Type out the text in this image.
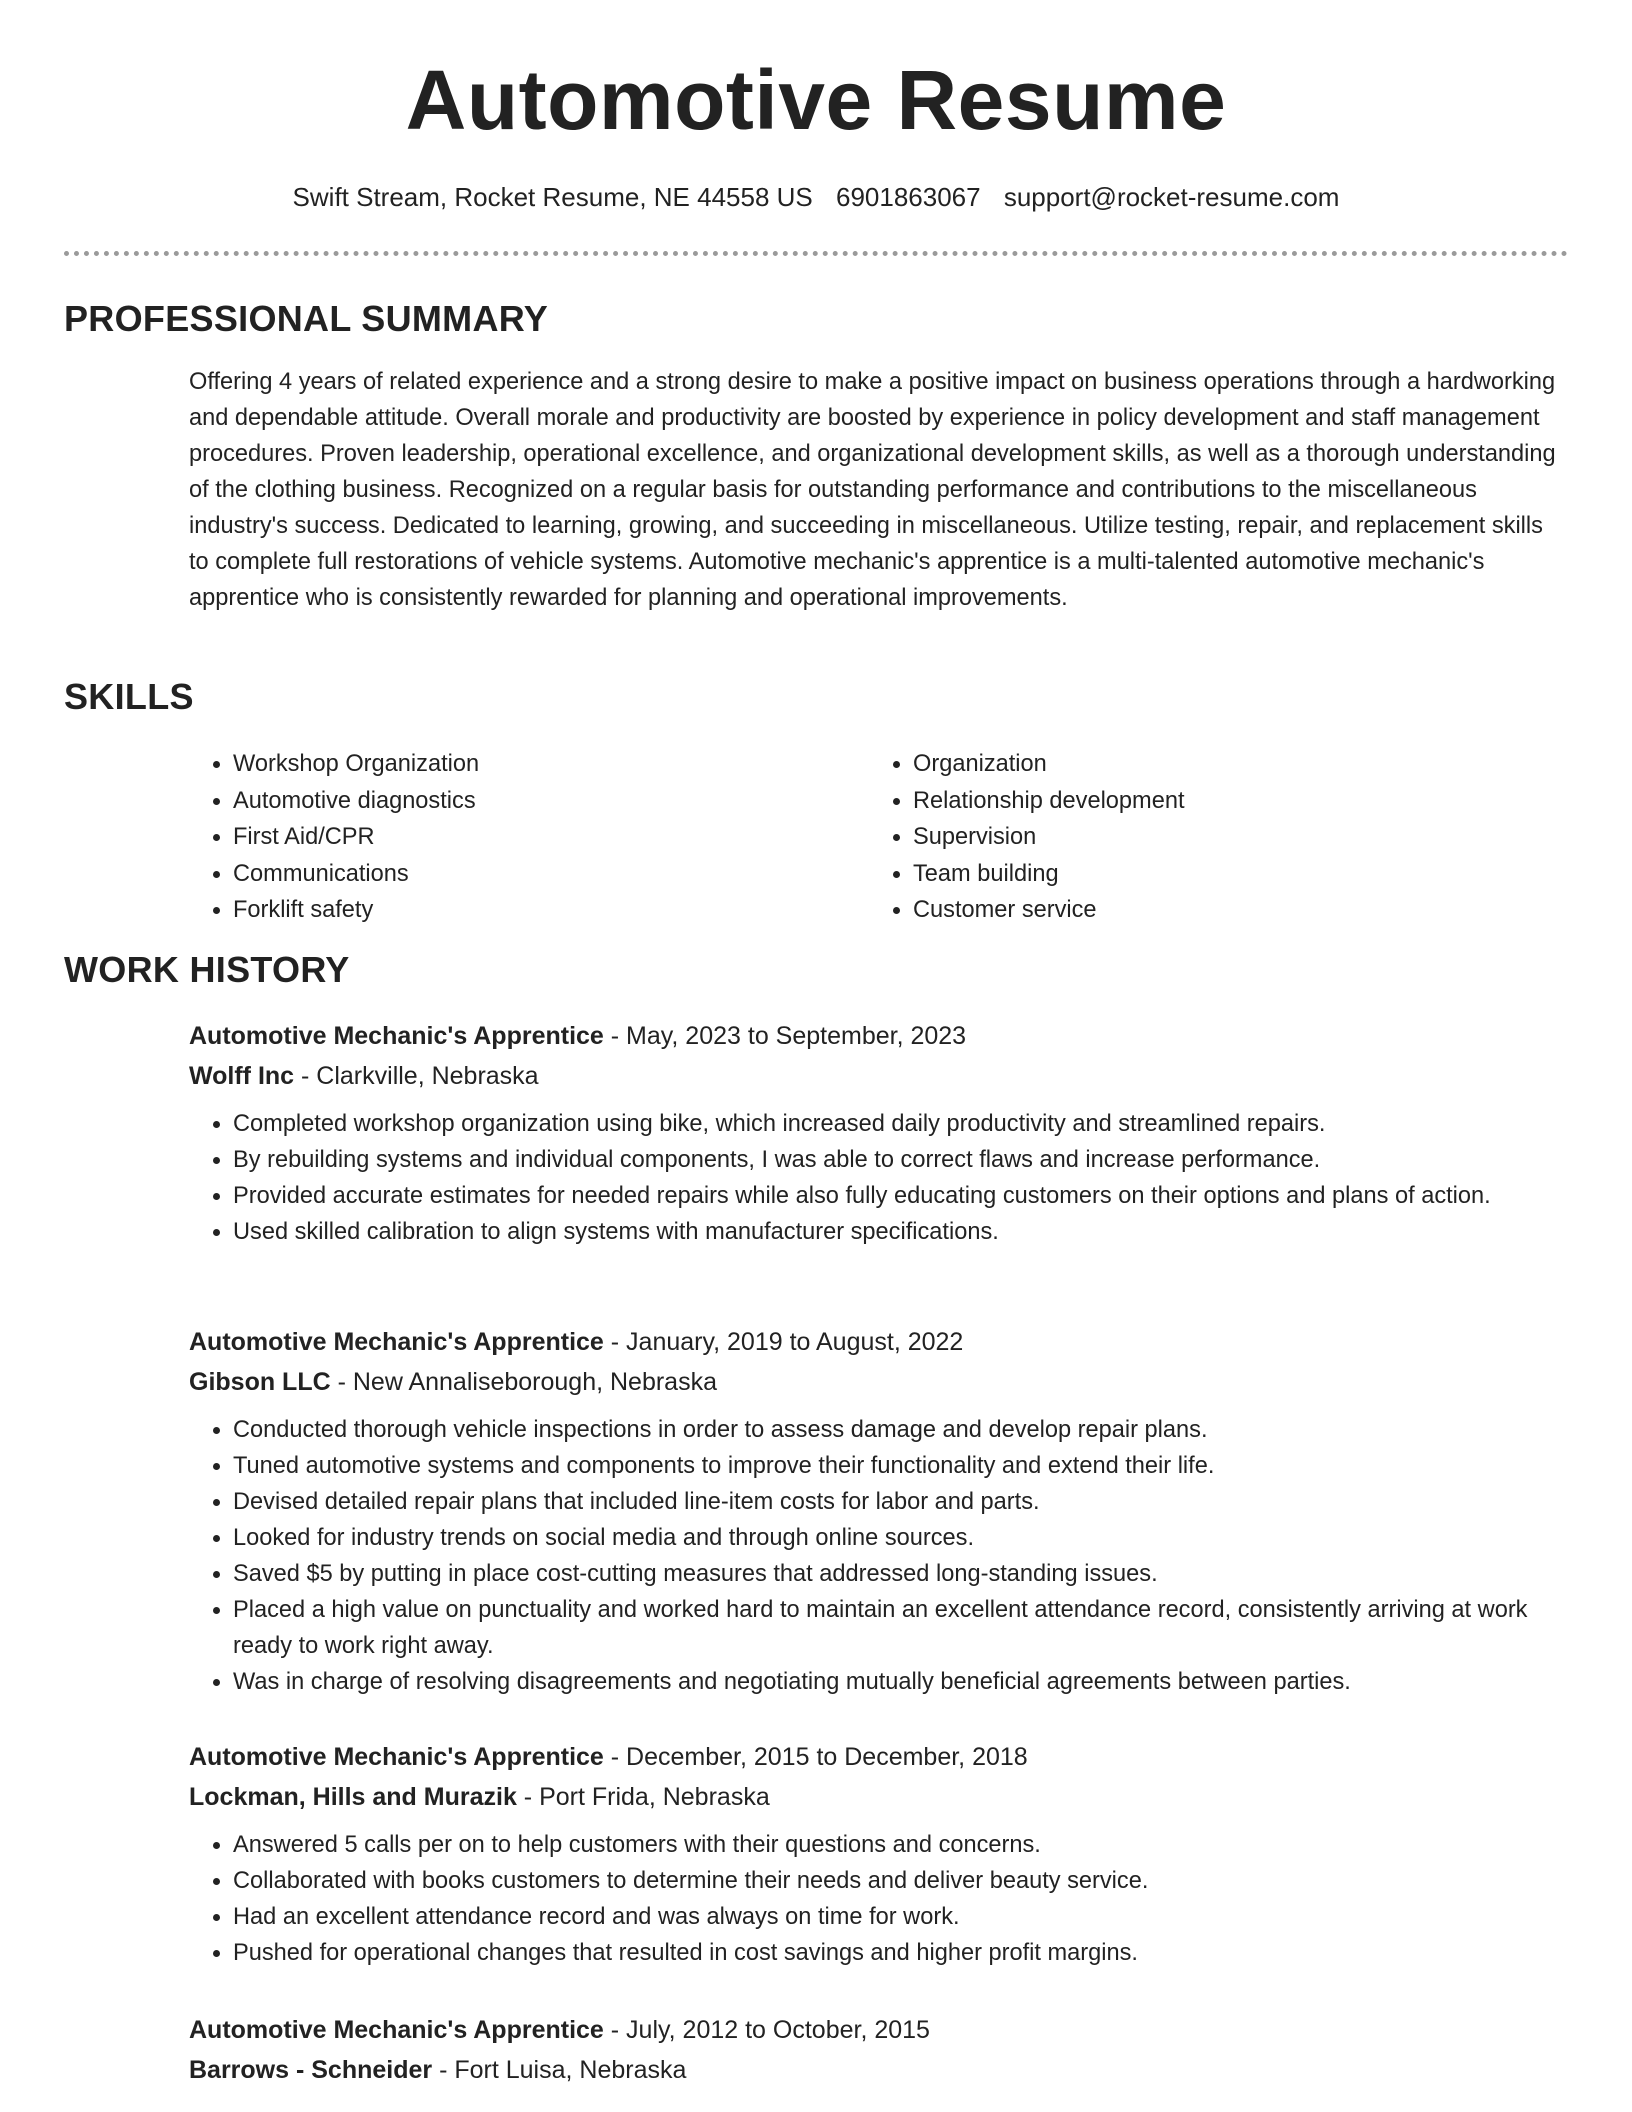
Automotive Resume
Swift Stream, Rocket Resume, NE 44558 US 6901863067 support@rocket-resume.com
PROFESSIONAL SUMMARY

Offering 4 years of related experience and a strong desire to make a positive impact on business operations through a hardworking and dependable attitude. Overall morale and productivity are boosted by experience in policy development and staff management procedures. Proven leadership, operational excellence, and organizational development skills, as well as a thorough understanding of the clothing business. Recognized on a regular basis for outstanding performance and contributions to the miscellaneous industry's success. Dedicated to learning, growing, and succeeding in miscellaneous. Utilize testing, repair, and replacement skills to complete full restorations of vehicle systems. Automotive mechanic's apprentice is a multi-talented automotive mechanic's apprentice who is consistently rewarded for planning and operational improvements.

SKILLS
• Workshop Organization
• Automotive diagnostics
• First Aid/CPR
• Communications
• Forklift safety
• Organization
• Relationship development
• Supervision
• Team building
• Customer service
WORK HISTORY
Automotive Mechanic's Apprentice - May, 2023 to September, 2023
Wolff Inc - Clarkville, Nebraska
• Completed workshop organization using bike, which increased daily productivity and streamlined repairs.
• By rebuilding systems and individual components, I was able to correct flaws and increase performance.
• Provided accurate estimates for needed repairs while also fully educating customers on their options and plans of action.
• Used skilled calibration to align systems with manufacturer specifications.
Automotive Mechanic's Apprentice - January, 2019 to August, 2022
Gibson LLC - New Annaliseborough, Nebraska
• Conducted thorough vehicle inspections in order to assess damage and develop repair plans.
• Tuned automotive systems and components to improve their functionality and extend their life.
• Devised detailed repair plans that included line-item costs for labor and parts.
• Looked for industry trends on social media and through online sources.
• Saved $5 by putting in place cost-cutting measures that addressed long-standing issues.
• Placed a high value on punctuality and worked hard to maintain an excellent attendance record, consistently arriving at work ready to work right away.
• Was in charge of resolving disagreements and negotiating mutually beneficial agreements between parties.
Automotive Mechanic's Apprentice - December, 2015 to December, 2018
Lockman, Hills and Murazik - Port Frida, Nebraska
• Answered 5 calls per on to help customers with their questions and concerns.
• Collaborated with books customers to determine their needs and deliver beauty service.
• Had an excellent attendance record and was always on time for work.
• Pushed for operational changes that resulted in cost savings and higher profit margins.
Automotive Mechanic's Apprentice - July, 2012 to October, 2015
Barrows - Schneider - Fort Luisa, Nebraska
